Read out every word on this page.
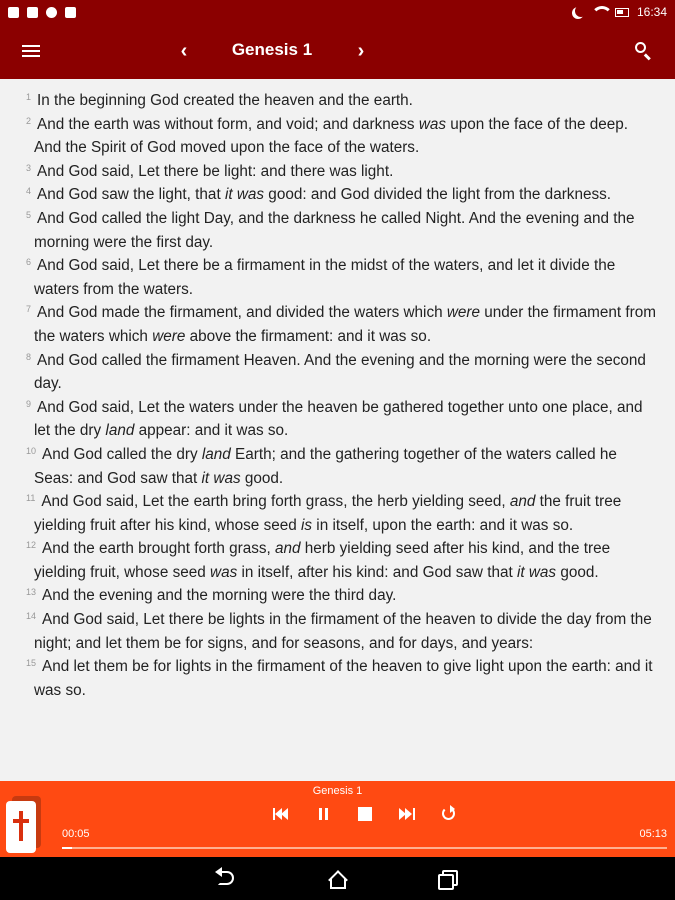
16:34
‹	Genesis 1	›

$^1$ In the beginning God created the heaven and the earth.

$^2$ And the earth was without form, and void; and darkness was upon the face of the deep. And the Spirit of God moved upon the face of the waters.

$^3$ And God said, Let there be light: and there was light.

$^4$ And God saw the light, that it was good: and God divided the light from the darkness.

$^5$ And God called the light Day, and the darkness he called Night. And the evening and the morning were the first day.

$^6$ And God said, Let there be a firmament in the midst of the waters, and let it divide the waters from the waters.

$^7$ And God made the firmament, and divided the waters which were under the firmament from the waters which were above the firmament: and it was so.

$^8$ And God called the firmament Heaven. And the evening and the morning were the second day.

$^9$ And God said, Let the waters under the heaven be gathered together unto one place, and let the dry land appear: and it was so.

$^{10}$ And God called the dry land Earth; and the gathering together of the waters called he Seas: and God saw that it was good.

$^{11}$ And God said, Let the earth bring forth grass, the herb yielding seed, and the fruit tree yielding fruit after his kind, whose seed is in itself, upon the earth: and it was so.

$^{12}$ And the earth brought forth grass, and herb yielding seed after his kind, and the tree yielding fruit, whose seed was in itself, after his kind: and God saw that it was good.

$^{13}$ And the evening and the morning were the third day.

$^{14}$ And God said, Let there be lights in the firmament of the heaven to divide the day from the night; and let them be for signs, and for seasons, and for days, and years:

$^{15}$ And let them be for lights in the firmament of the heaven to give light upon the earth: and it was so.

Genesis 1
00:05	05:13
